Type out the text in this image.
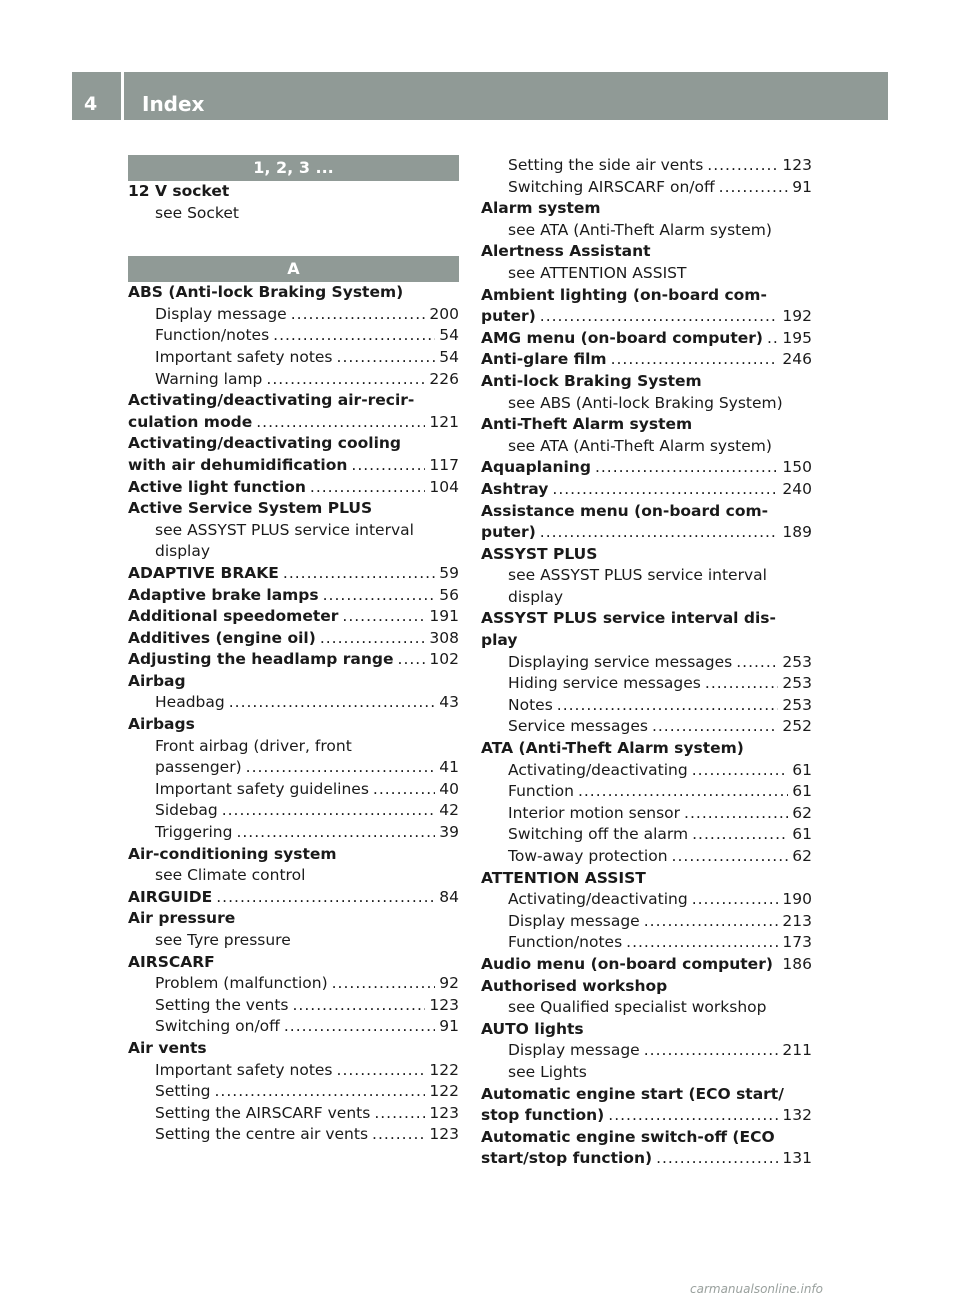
4	Index
1, 2, 3 ...
12 V socket
see Socket
A
ABS (Anti-lock Braking System)
Display message .....	200
Function/notes .....	54
Important safety notes .....	54
Warning lamp .....	226
Activating/deactivating air-recir-
culation mode .....	121
Activating/deactivating cooling
with air dehumidification .....	117
Active light function .....	104
Active Service System PLUS
see ASSYST PLUS service interval
display
ADAPTIVE BRAKE .....	59
Adaptive brake lamps .....	56
Additional speedometer .....	191
Additives (engine oil) .....	308
Adjusting the headlamp range ..... 102
Airbag
Headbag .....	43
Airbags
Front airbag (driver, front
passenger) .....	41
Important safety guidelines .....	40
Sidebag .....	42
Triggering .....	39
Air-conditioning system
see Climate control
AIRGUIDE .....	84
Air pressure
see Tyre pressure
AIRSCARF
Problem (malfunction) .....	92
Setting the vents .....	123
Switching on/off .....	91
Air vents
Important safety notes .....	122
Setting .....	122
Setting the AIRSCARF vents .....	123
Setting the centre air vents .....	123
Setting the side air vents .....	123
Switching AIRSCARF on/off .....	91
Alarm system
see ATA (Anti-Theft Alarm system)
Alertness Assistant
see ATTENTION ASSIST
Ambient lighting (on-board com-
puter) .....	192
AMG menu (on-board computer) ..... 195
Anti-glare film .....	246
Anti-lock Braking System
see ABS (Anti-lock Braking System)
Anti-Theft Alarm system
see ATA (Anti-Theft Alarm system)
Aquaplaning .....	150
Ashtray .....	240
Assistance menu (on-board com-
puter) .....	189
ASSYST PLUS
see ASSYST PLUS service interval
display
ASSYST PLUS service interval dis-
play
Displaying service messages .....	253
Hiding service messages .....	253
Notes .....	253
Service messages .....	252
ATA (Anti-Theft Alarm system)
Activating/deactivating .....	61
Function .....	61
Interior motion sensor .....	62
Switching off the alarm .....	61
Tow-away protection .....	62
ATTENTION ASSIST
Activating/deactivating .....	190
Display message .....	213
Function/notes .....	173
Audio menu (on-board computer) ..... 186
Authorised workshop
see Qualified specialist workshop
AUTO lights
Display message .....	211
see Lights
Automatic engine start (ECO start/
stop function) .....	132
Automatic engine switch-off (ECO
start/stop function) .....	131
carmanualsonline.info
